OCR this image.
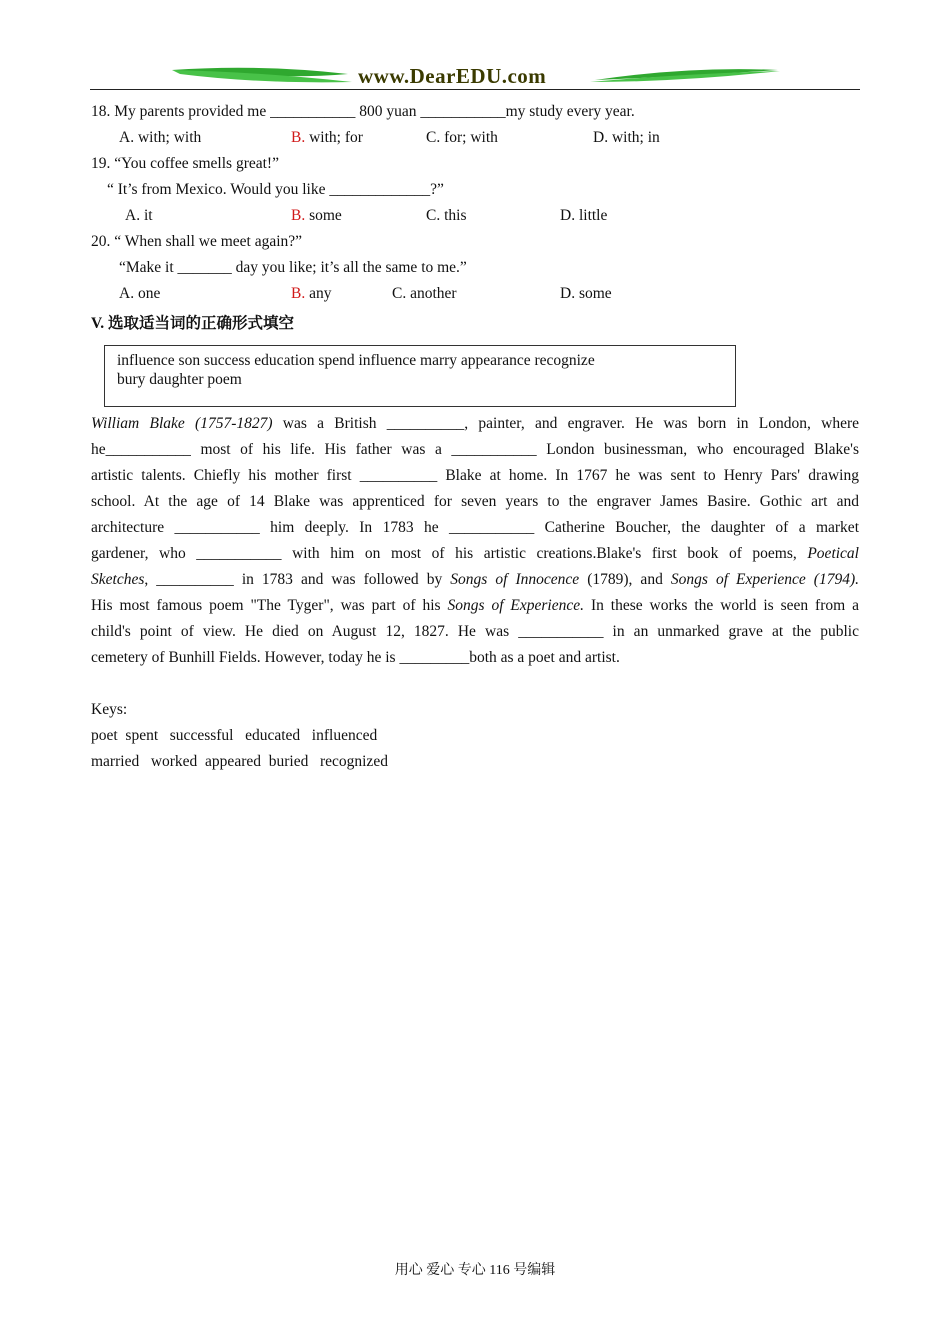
www.DearEDU.com
18. My parents provided me ___________ 800 yuan ___________my study every year.
A. with; with	B. with; for	C. for; with	D. with; in
19. “You coffee smells great!”
“ It’s from Mexico. Would you like _____________?”
A. it	B. some	C. this	D. little
20. “ When shall we meet again?”
“Make it _______ day you like; it’s all the same to me.”
A. one	B. any	C. another	D. some
V. 选取适当词的正确形式填空
influence son success education spend influence marry appearance recognize
bury daughter poem
William Blake (1757-1827) was a British __________, painter, and engraver. He was born in London, where
he___________ most of his life. His father was a ___________ London businessman, who encouraged Blake's
artistic talents. Chiefly his mother first __________ Blake at home. In 1767 he was sent to Henry Pars' drawing
school. At the age of 14 Blake was apprenticed for seven years to the engraver James Basire. Gothic art and
architecture ___________ him deeply. In 1783 he ___________ Catherine Boucher, the daughter of a market
gardener, who ___________ with him on most of his artistic creations.Blake's first book of poems, Poetical
Sketches, __________ in 1783 and was followed by Songs of Innocence (1789), and Songs of Experience (1794).
His most famous poem "The Tyger", was part of his Songs of Experience. In these works the world is seen from a
child's point of view. He died on August 12, 1827. He was ___________ in an unmarked grave at the public
cemetery of Bunhill Fields. However, today he is _________both as a poet and artist.
Keys:
poet  spent   successful   educated   influenced
married   worked  appeared  buried   recognized
用心 爱心 专心 116 号编辑
